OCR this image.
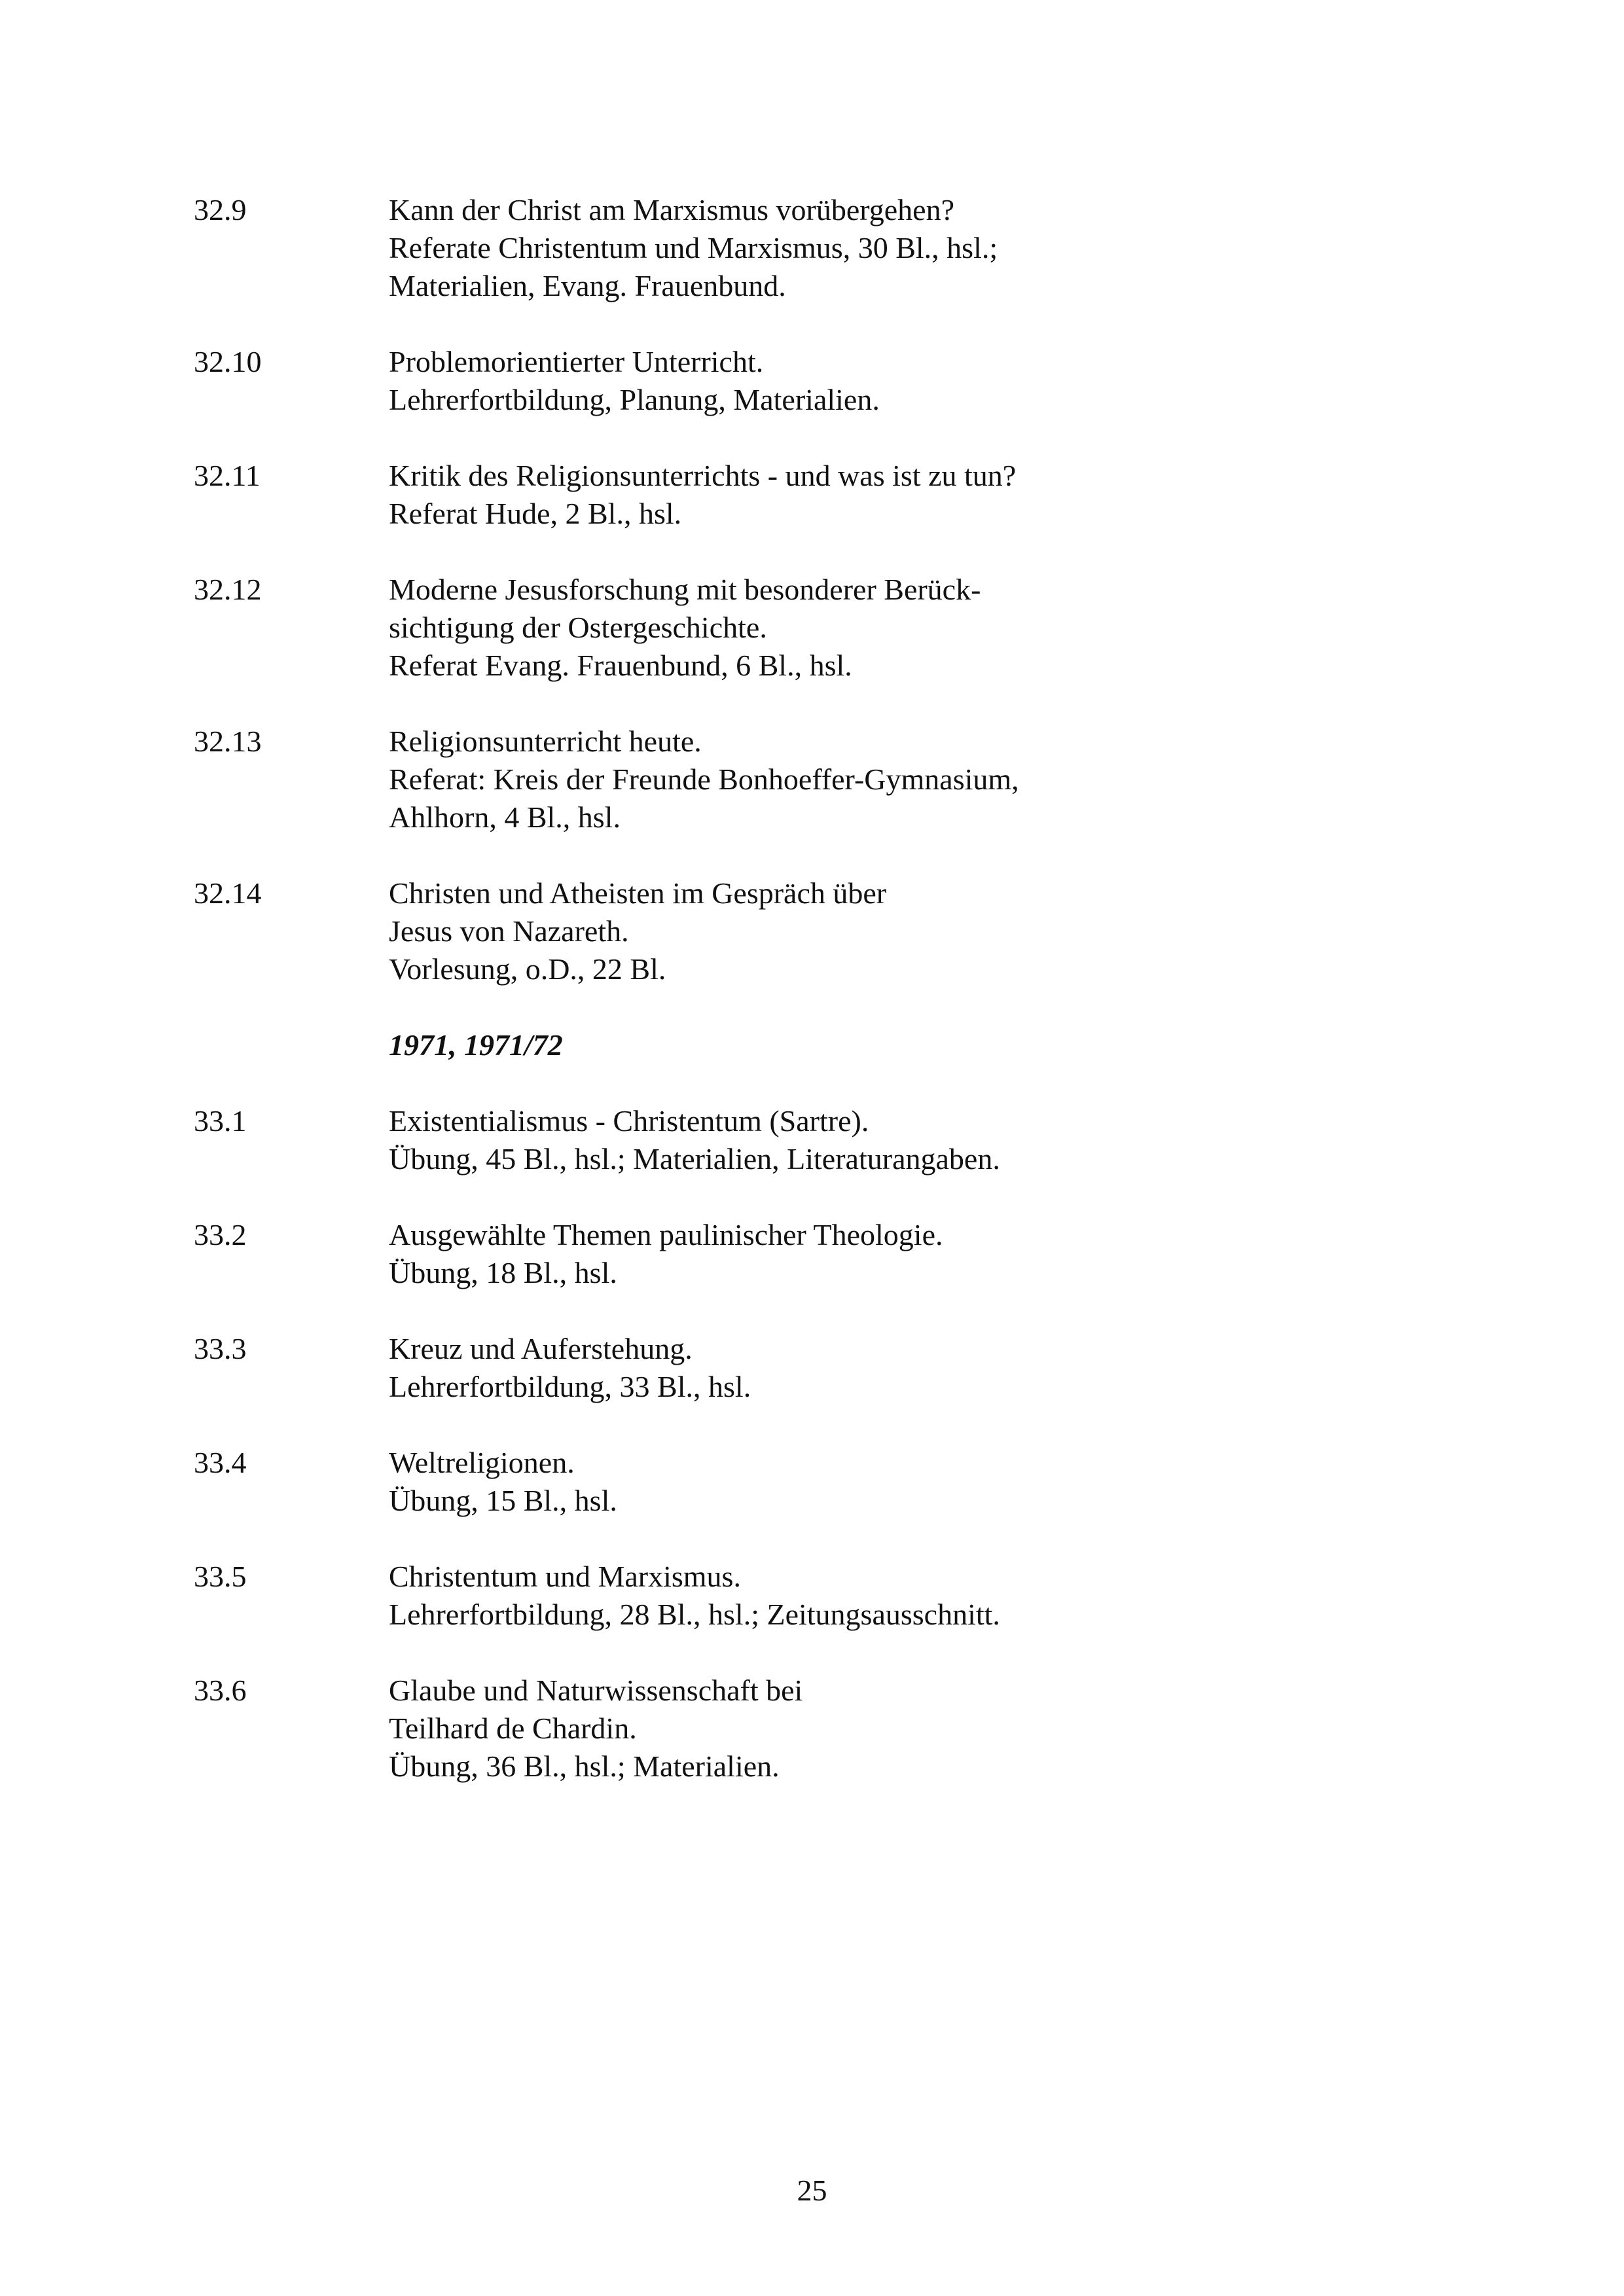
32.9	Kann der Christ am Marxismus vorübergehen?
Referate Christentum und Marxismus, 30 Bl., hsl.;
Materialien, Evang. Frauenbund.
32.10	Problemorientierter Unterricht.
Lehrerfortbildung, Planung, Materialien.
32.11	Kritik des Religionsunterrichts - und was ist zu tun?
Referat Hude, 2 Bl., hsl.
32.12	Moderne Jesusforschung mit besonderer Berück-
sichtigung der Ostergeschichte.
Referat Evang. Frauenbund, 6 Bl., hsl.
32.13	Religionsunterricht heute.
Referat: Kreis der Freunde Bonhoeffer-Gymnasium,
Ahlhorn, 4 Bl., hsl.
32.14	Christen und Atheisten im Gespräch über
Jesus von Nazareth.
Vorlesung, o.D., 22 Bl.
1971, 1971/72
33.1	Existentialismus - Christentum (Sartre).
Übung, 45 Bl., hsl.; Materialien, Literaturangaben.
33.2	Ausgewählte Themen paulinischer Theologie.
Übung, 18 Bl., hsl.
33.3	Kreuz und Auferstehung.
Lehrerfortbildung, 33 Bl., hsl.
33.4	Weltreligionen.
Übung, 15 Bl., hsl.
33.5	Christentum und Marxismus.
Lehrerfortbildung, 28 Bl., hsl.; Zeitungsausschnitt.
33.6	Glaube und Naturwissenschaft bei
Teilhard de Chardin.
Übung, 36 Bl., hsl.; Materialien.
25
